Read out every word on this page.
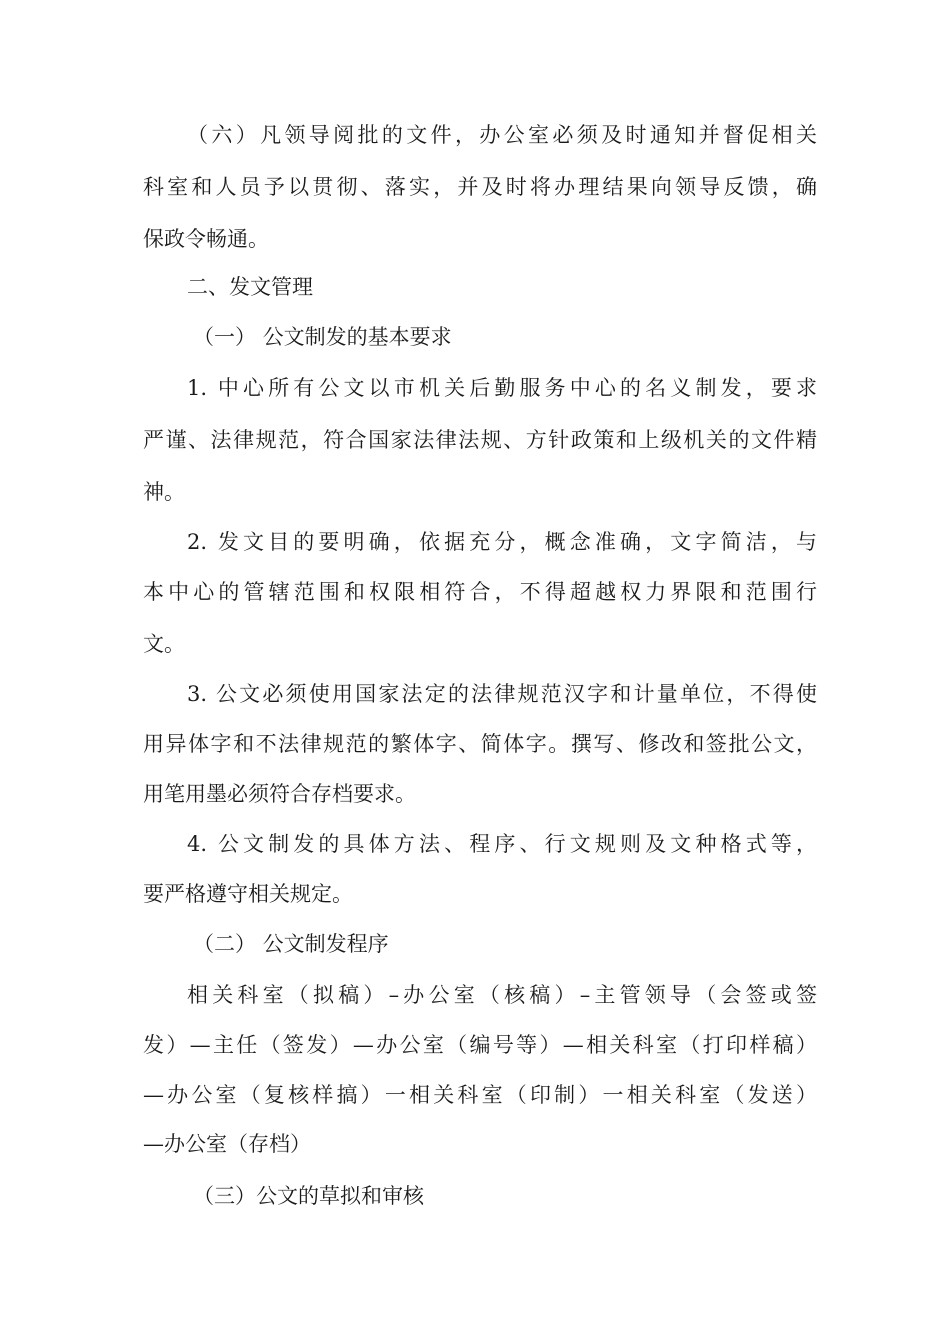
（六）凡领导阅批的文件，办公室必须及时通知并督促相关
科室和人员予以贯彻、落实，并及时将办理结果向领导反馈，确
保政令畅通。
二、发文管理
（一） 公文制发的基本要求
1. 中心所有公文以市机关后勤服务中心的名义制发，要求
严谨、法律规范，符合国家法律法规、方针政策和上级机关的文件精
神。
2. 发文目的要明确，依据充分，概念准确，文字简洁，与
本中心的管辖范围和权限相符合，不得超越权力界限和范围行
文。
3. 公文必须使用国家法定的法律规范汉字和计量单位，不得使
用异体字和不法律规范的繁体字、简体字。撰写、修改和签批公文，
用笔用墨必须符合存档要求。
4. 公文制发的具体方法、程序、行文规则及文种格式等，
要严格遵守相关规定。
（二） 公文制发程序
相关科室（拟稿）–办公室（核稿）–主管领导（会签或签
发）—主任（签发）—办公室（编号等）—相关科室（打印样稿）
—办公室（复核样搞）一相关科室（印制）一相关科室（发送）
—办公室（存档）
（三）公文的草拟和审核
